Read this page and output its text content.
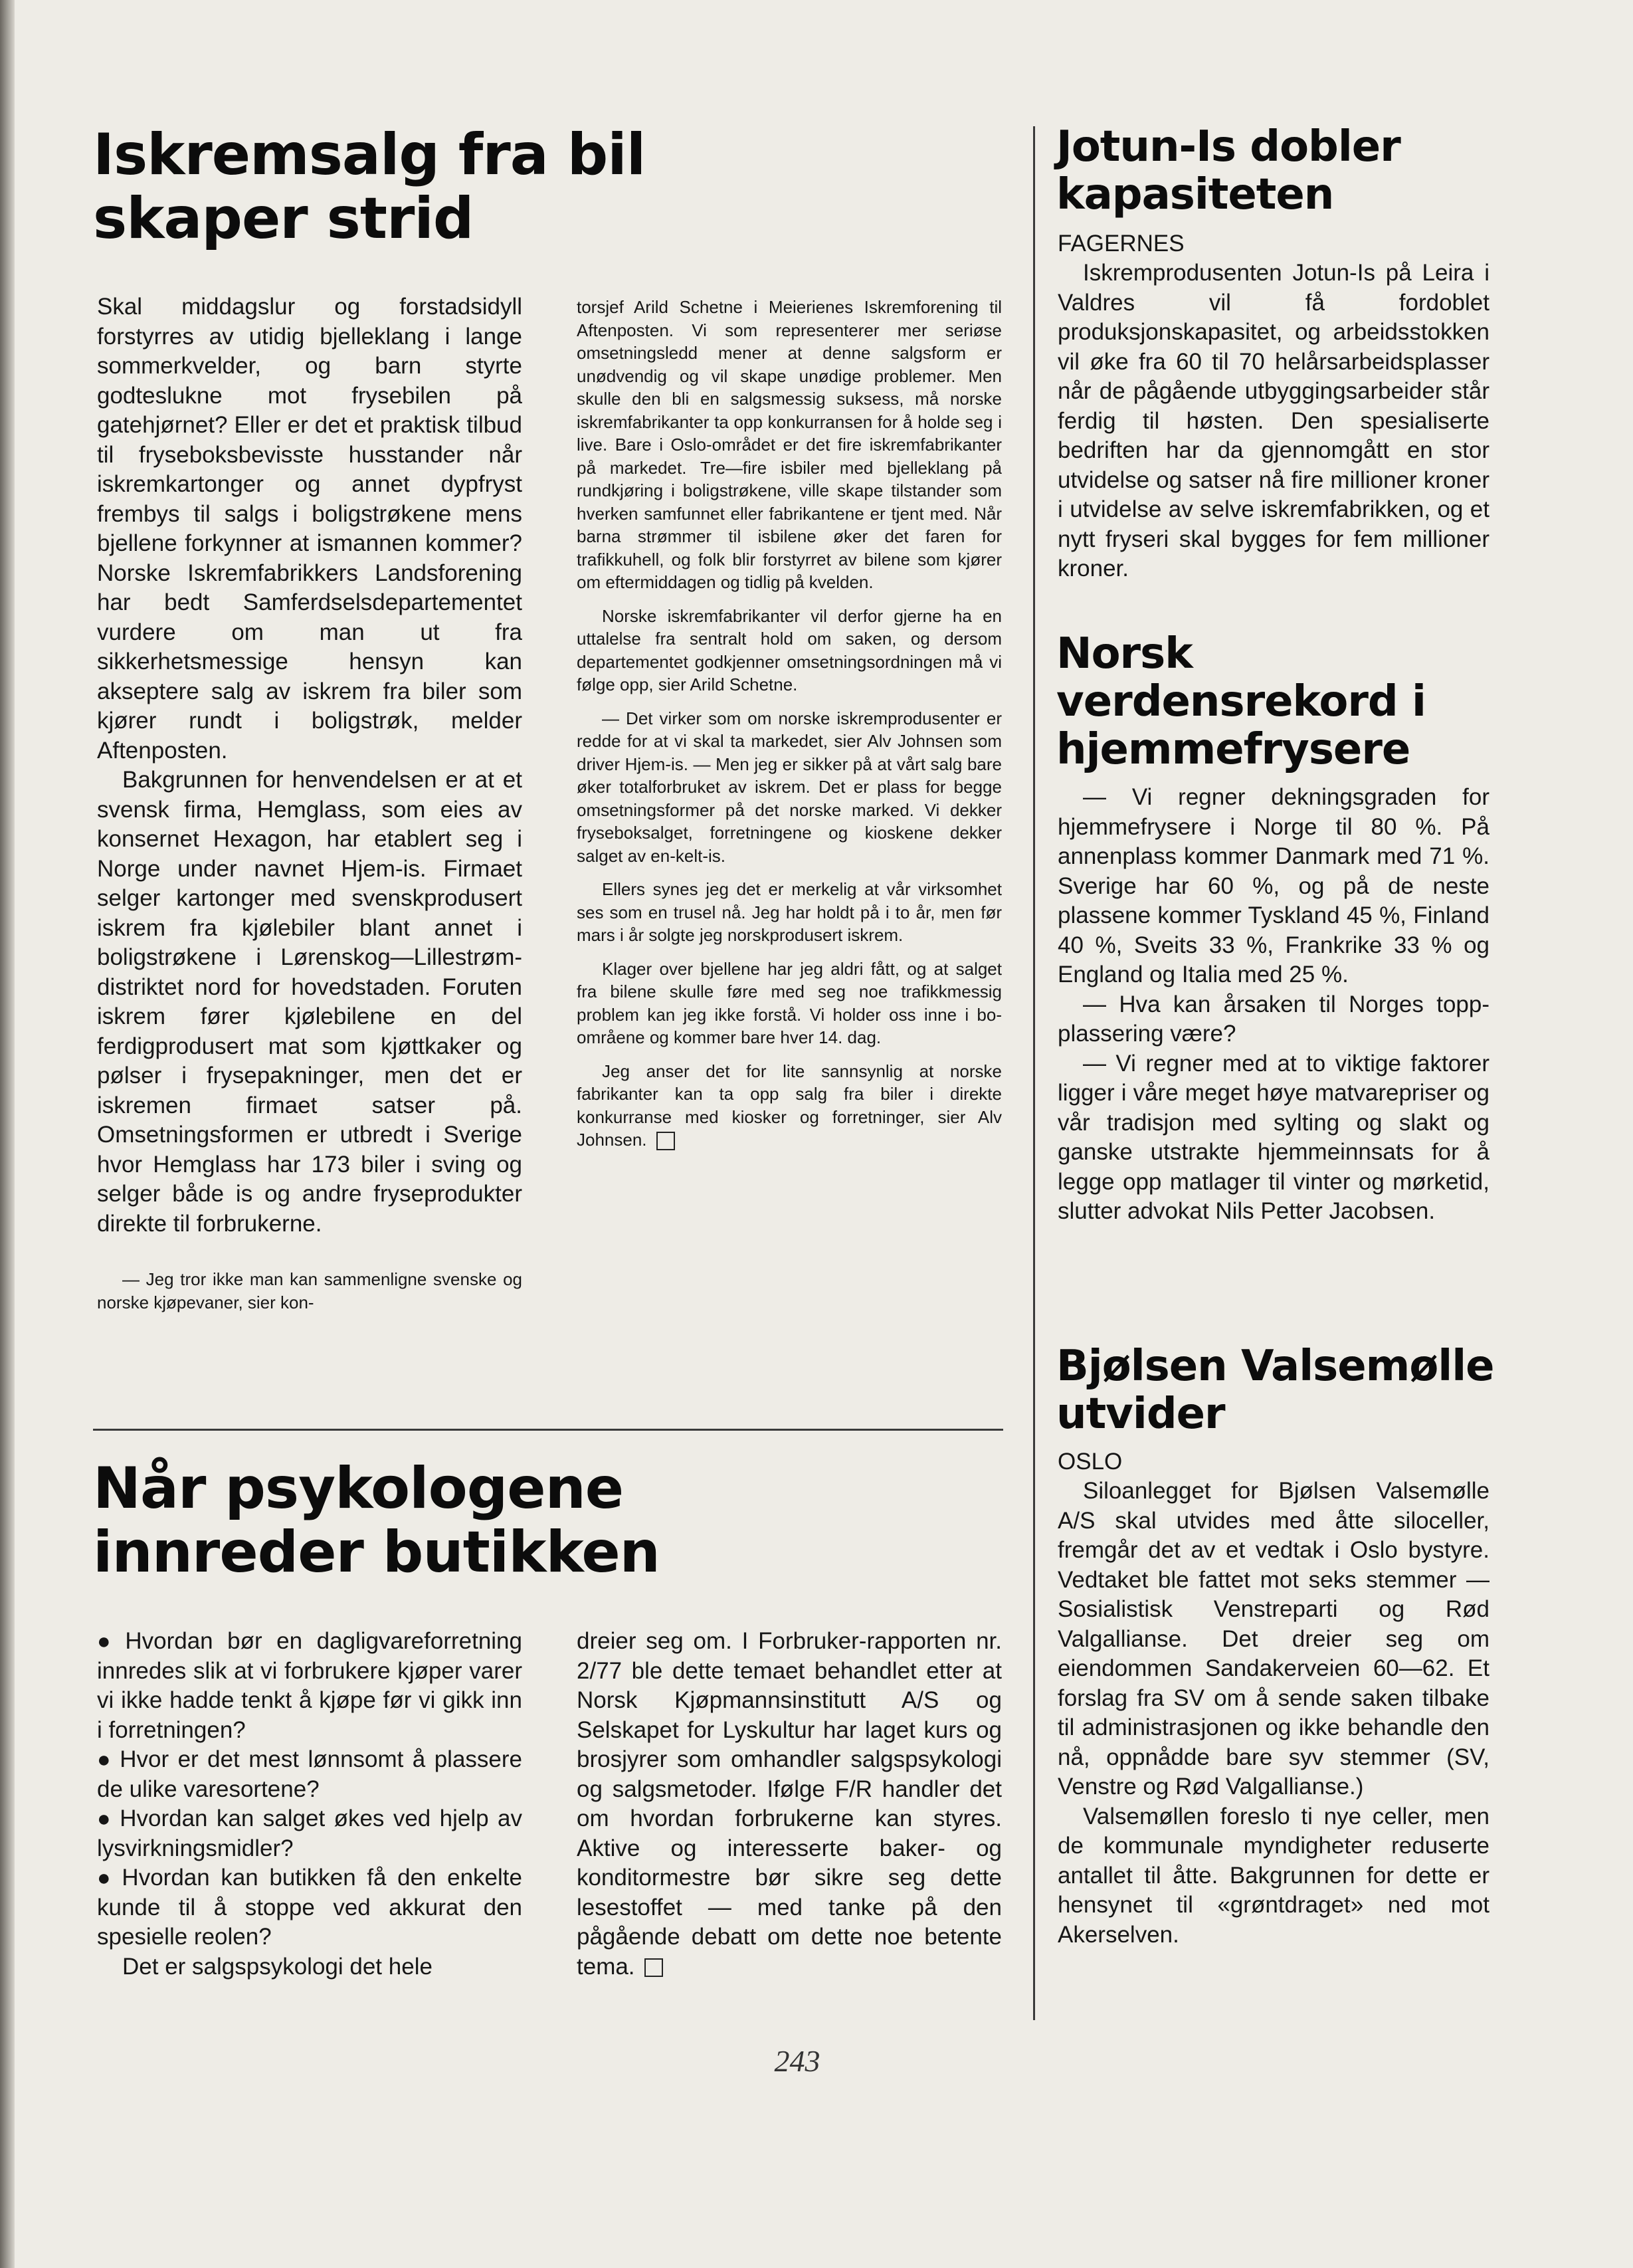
Iskremsalg fra bil skaper strid

Skal middagslur og forstadsidyll forstyrres av utidig bjelleklang i lange sommerkvelder, og barn styrte godteslukne mot frysebilen på gatehjørnet? Eller er det et praktisk tilbud til fryseboksbevisste husstander når iskremkartonger og annet dypfryst frembys til salgs i boligstrøkene mens bjellene forkynner at ismannen kommer? Norske Iskremfabrikkers Landsforening har bedt Samferdselsdepartementet vurdere om man ut fra sikkerhetsmessige hensyn kan akseptere salg av iskrem fra biler som kjører rundt i boligstrøk, melder Aftenposten.

Bakgrunnen for henvendelsen er at et svensk firma, Hemglass, som eies av konsernet Hexagon, har etablert seg i Norge under navnet Hjem-is. Firmaet selger kartonger med svenskprodusert iskrem fra kjølebiler blant annet i boligstrøkene i Lørenskog—Lillestrøm-distriktet nord for hovedstaden. Foruten iskrem fører kjølebilene en del ferdigprodusert mat som kjøttkaker og pølser i frysepakninger, men det er iskremen firmaet satser på. Omsetningsformen er utbredt i Sverige hvor Hemglass har 173 biler i sving og selger både is og andre fryseprodukter direkte til forbrukerne.

— Jeg tror ikke man kan sammenligne svenske og norske kjøpevaner, sier kon-

torsjef Arild Schetne i Meierienes Iskremforening til Aftenposten. Vi som representerer mer seriøse omsetningsledd mener at denne salgsform er unødvendig og vil skape unødige problemer. Men skulle den bli en salgsmessig suksess, må norske iskremfabrikanter ta opp konkurransen for å holde seg i live. Bare i Oslo-området er det fire iskremfabrikanter på markedet. Tre—fire isbiler med bjelleklang på rundkjøring i boligstrøkene, ville skape tilstander som hverken samfunnet eller fabrikantene er tjent med. Når barna strømmer til isbilene øker det faren for trafikkuhell, og folk blir forstyrret av bilene som kjører om eftermiddagen og tidlig på kvelden.

Norske iskremfabrikanter vil derfor gjerne ha en uttalelse fra sentralt hold om saken, og dersom departementet godkjenner omsetningsordningen må vi følge opp, sier Arild Schetne.

— Det virker som om norske iskremprodusenter er redde for at vi skal ta markedet, sier Alv Johnsen som driver Hjem-is. — Men jeg er sikker på at vårt salg bare øker totalforbruket av iskrem. Det er plass for begge omsetningsformer på det norske marked. Vi dekker fryseboksalget, forretningene og kioskene dekker salget av en-kelt-is.

Ellers synes jeg det er merkelig at vår virksomhet ses som en trusel nå. Jeg har holdt på i to år, men før mars i år solgte jeg norskprodusert iskrem.

Klager over bjellene har jeg aldri fått, og at salget fra bilene skulle føre med seg noe trafikkmessig problem kan jeg ikke forstå. Vi holder oss inne i bo-områene og kommer bare hver 14. dag.

Jeg anser det for lite sannsynlig at norske fabrikanter kan ta opp salg fra biler i direkte konkurranse med kiosker og forretninger, sier Alv Johnsen.

Når psykologene innreder butikken

● Hvordan bør en dagligvareforretning innredes slik at vi forbrukere kjøper varer vi ikke hadde tenkt å kjøpe før vi gikk inn i forretningen?

● Hvor er det mest lønnsomt å plassere de ulike varesortene?

● Hvordan kan salget økes ved hjelp av lysvirkningsmidler?

● Hvordan kan butikken få den enkelte kunde til å stoppe ved akkurat den spesielle reolen?

Det er salgspsykologi det hele

dreier seg om. I Forbruker-rapporten nr. 2/77 ble dette temaet behandlet etter at Norsk Kjøpmannsinstitutt A/S og Selskapet for Lyskultur har laget kurs og brosjyrer som omhandler salgspsykologi og salgsmetoder. Ifølge F/R handler det om hvordan forbrukerne kan styres. Aktive og interesserte baker- og konditormestre bør sikre seg dette lesestoffet — med tanke på den pågående debatt om dette noe betente tema.

Jotun-Is dobler kapasiteten

FAGERNES

Iskremprodusenten Jotun-Is på Leira i Valdres vil få fordoblet produksjonskapasitet, og arbeidsstokken vil øke fra 60 til 70 helårsarbeidsplasser når de pågående utbyggingsarbeider står ferdig til høsten. Den spesialiserte bedriften har da gjennomgått en stor utvidelse og satser nå fire millioner kroner i utvidelse av selve iskremfabrikken, og et nytt fryseri skal bygges for fem millioner kroner.

Norsk verdensrekord i hjemmefrysere

— Vi regner dekningsgraden for hjemmefrysere i Norge til 80 %. På annenplass kommer Danmark med 71 %. Sverige har 60 %, og på de neste plassene kommer Tyskland 45 %, Finland 40 %, Sveits 33 %, Frankrike 33 % og England og Italia med 25 %.

— Hva kan årsaken til Norges topp-plassering være?

— Vi regner med at to viktige faktorer ligger i våre meget høye matvarepriser og vår tradisjon med sylting og slakt og ganske utstrakte hjemmeinnsats for å legge opp matlager til vinter og mørketid, slutter advokat Nils Petter Jacobsen.

Bjølsen Valsemølle utvider

OSLO

Siloanlegget for Bjølsen Valsemølle A/S skal utvides med åtte siloceller, fremgår det av et vedtak i Oslo bystyre. Vedtaket ble fattet mot seks stemmer — Sosialistisk Venstreparti og Rød Valgallianse. Det dreier seg om eiendommen Sandakerveien 60—62. Et forslag fra SV om å sende saken tilbake til administrasjonen og ikke behandle den nå, oppnådde bare syv stemmer (SV, Venstre og Rød Valgallianse.)

Valsemøllen foreslo ti nye celler, men de kommunale myndigheter reduserte antallet til åtte. Bakgrunnen for dette er hensynet til «grøntdraget» ned mot Akerselven.

243
